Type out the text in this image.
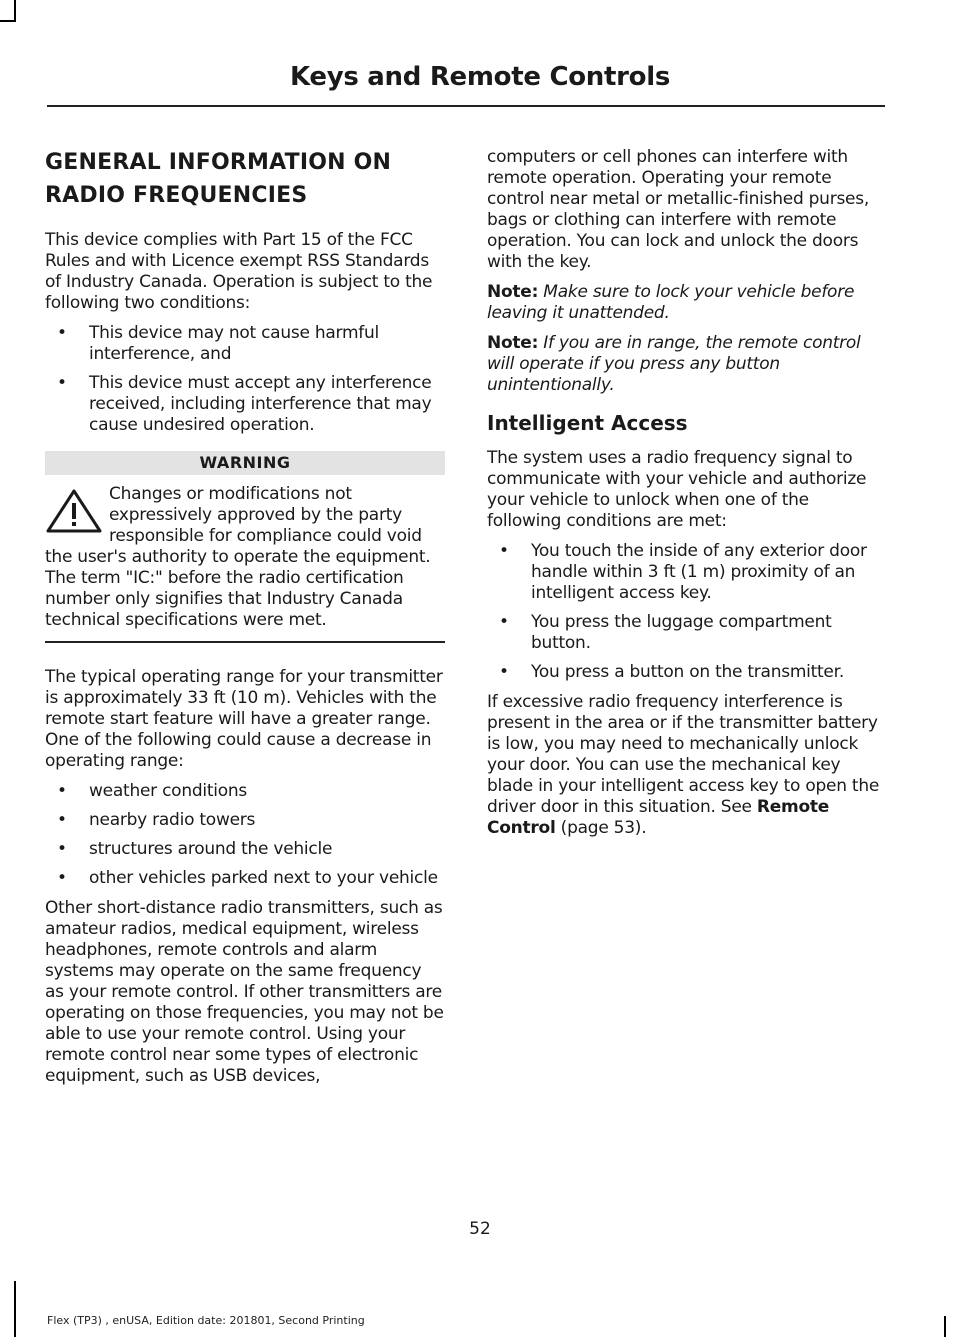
Keys and Remote Controls
GENERAL INFORMATION ON
RADIO FREQUENCIES

This device complies with Part 15 of the FCC Rules and with Licence exempt RSS Standards of Industry Canada. Operation is subject to the following two conditions:

• This device may not cause harmful interference, and
• This device must accept any interference received, including interference that may cause undesired operation.
WARNING
Changes or modifications not expressively approved by the party responsible for compliance could void the user's authority to operate the equipment. The term "IC:" before the radio certification number only signifies that Industry Canada technical specifications were met.

The typical operating range for your transmitter is approximately 33 ft (10 m). Vehicles with the remote start feature will have a greater range. One of the following could cause a decrease in operating range:

• weather conditions
• nearby radio towers
• structures around the vehicle
• other vehicles parked next to your vehicle

Other short-distance radio transmitters, such as amateur radios, medical equipment, wireless headphones, remote controls and alarm systems may operate on the same frequency as your remote control. If other transmitters are operating on those frequencies, you may not be able to use your remote control. Using your remote control near some types of electronic equipment, such as USB devices,

computers or cell phones can interfere with remote operation. Operating your remote control near metal or metallic-finished purses, bags or clothing can interfere with remote operation. You can lock and unlock the doors with the key.

Note: Make sure to lock your vehicle before leaving it unattended.

Note: If you are in range, the remote control will operate if you press any button unintentionally.

Intelligent Access

The system uses a radio frequency signal to communicate with your vehicle and authorize your vehicle to unlock when one of the following conditions are met:

• You touch the inside of any exterior door handle within 3 ft (1 m) proximity of an intelligent access key.
• You press the luggage compartment button.
• You press a button on the transmitter.

If excessive radio frequency interference is present in the area or if the transmitter battery is low, you may need to mechanically unlock your door. You can use the mechanical key blade in your intelligent access key to open the driver door in this situation. See Remote Control (page 53).

52
Flex (TP3) , enUSA, Edition date: 201801, Second Printing
